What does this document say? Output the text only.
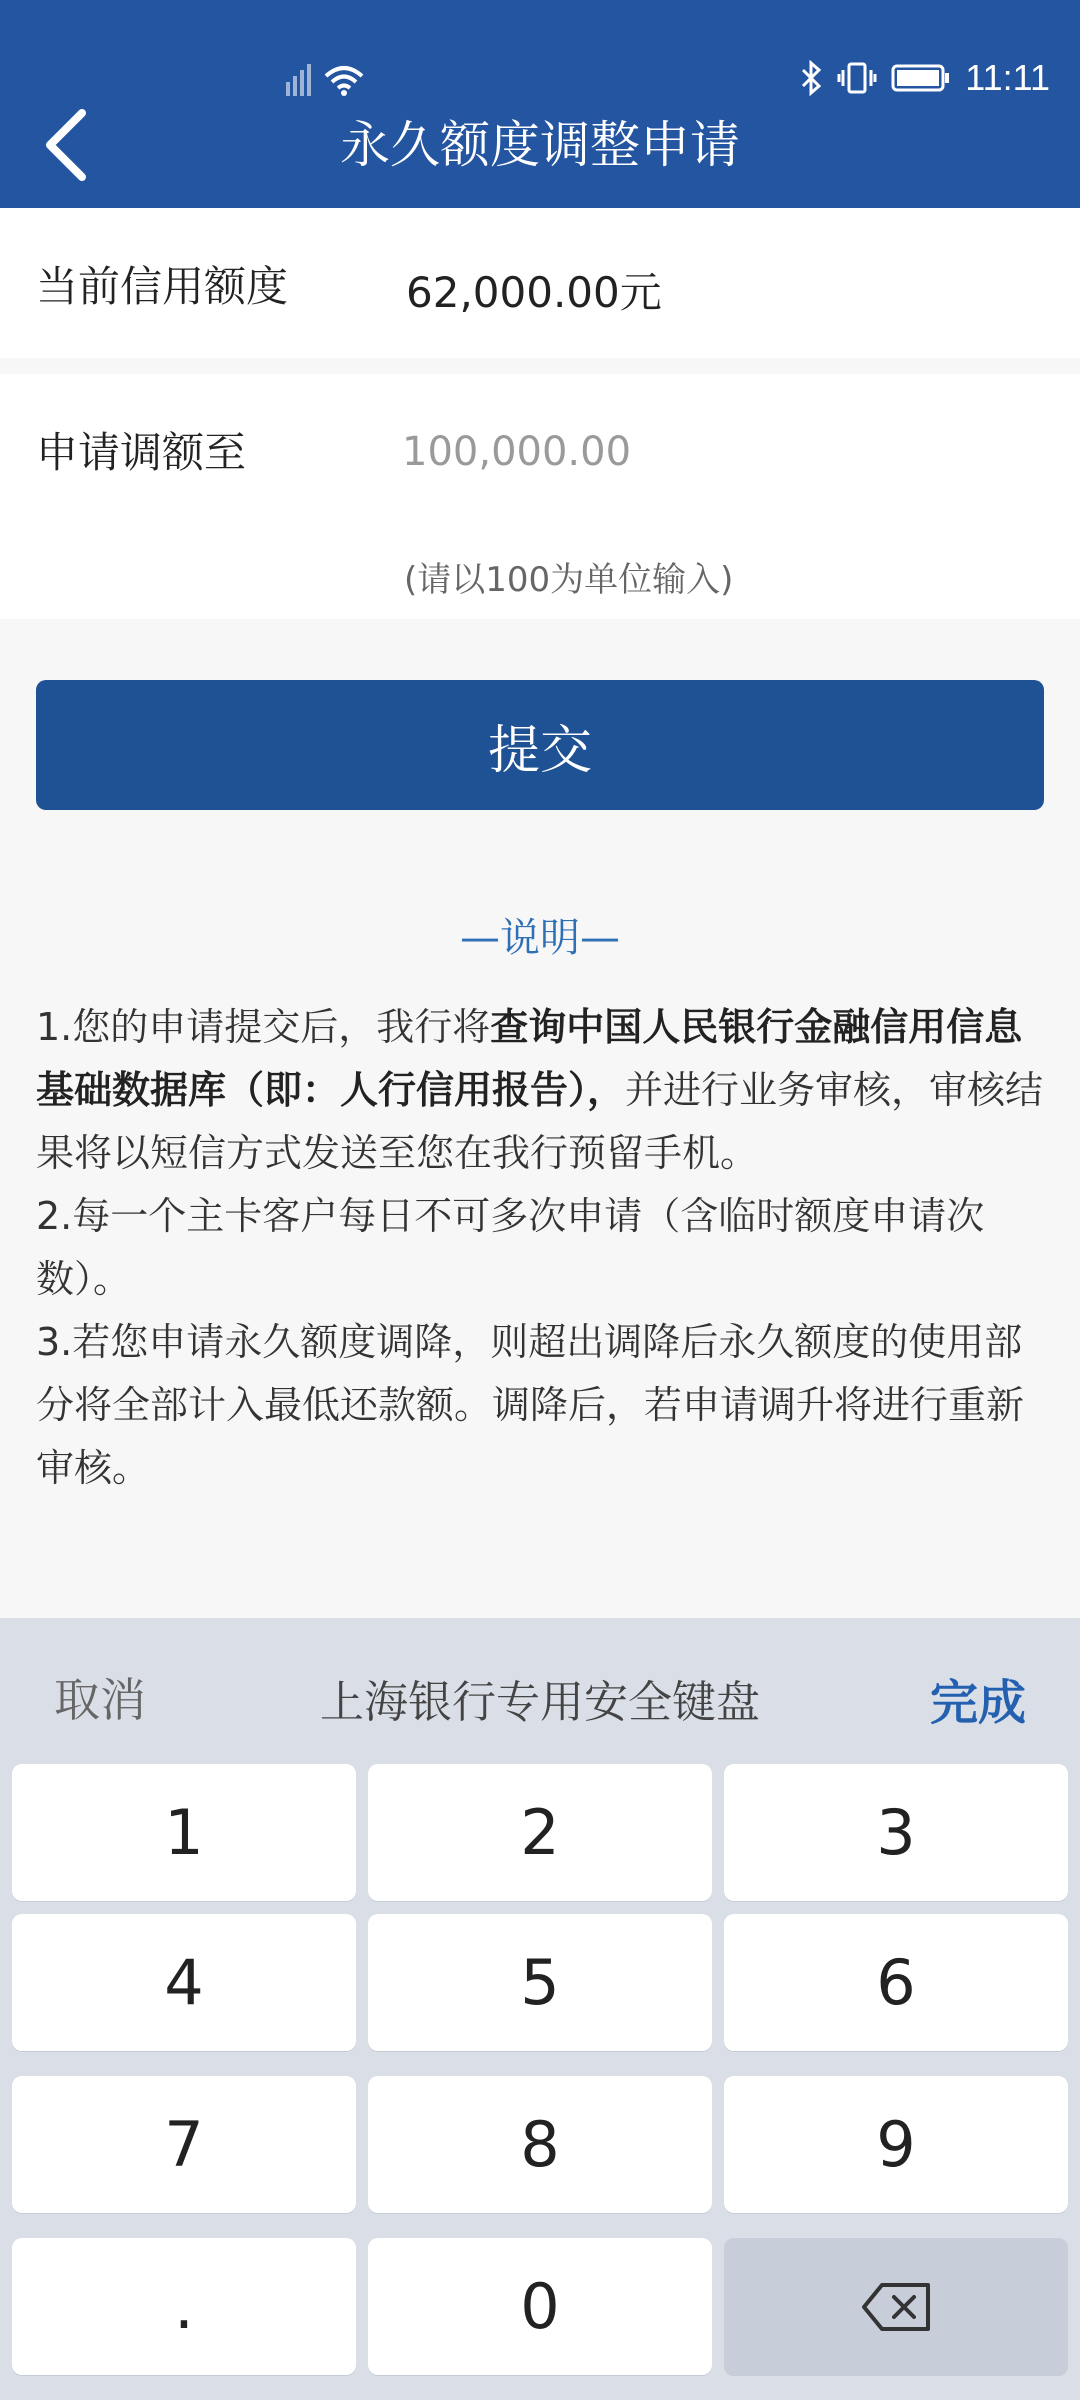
11:11
永久额度调整申请
当前信用额度	62,000.00元
申请调额至
100,000.00
(请以100为单位输入)
提交
—说明—

1.您的申请提交后，我行将查询中国人民银行金融信用信息基础数据库（即：人行信用报告），并进行业务审核，审核结果将以短信方式发送至您在我行预留手机。

2.每一个主卡客户每日不可多次申请（含临时额度申请次数）。

3.若您申请永久额度调降，则超出调降后永久额度的使用部分将全部计入最低还款额。调降后，若申请调升将进行重新审核。

取消	上海银行专用安全键盘	完成
1	2	3
4	5	6
7	8	9
.	0
